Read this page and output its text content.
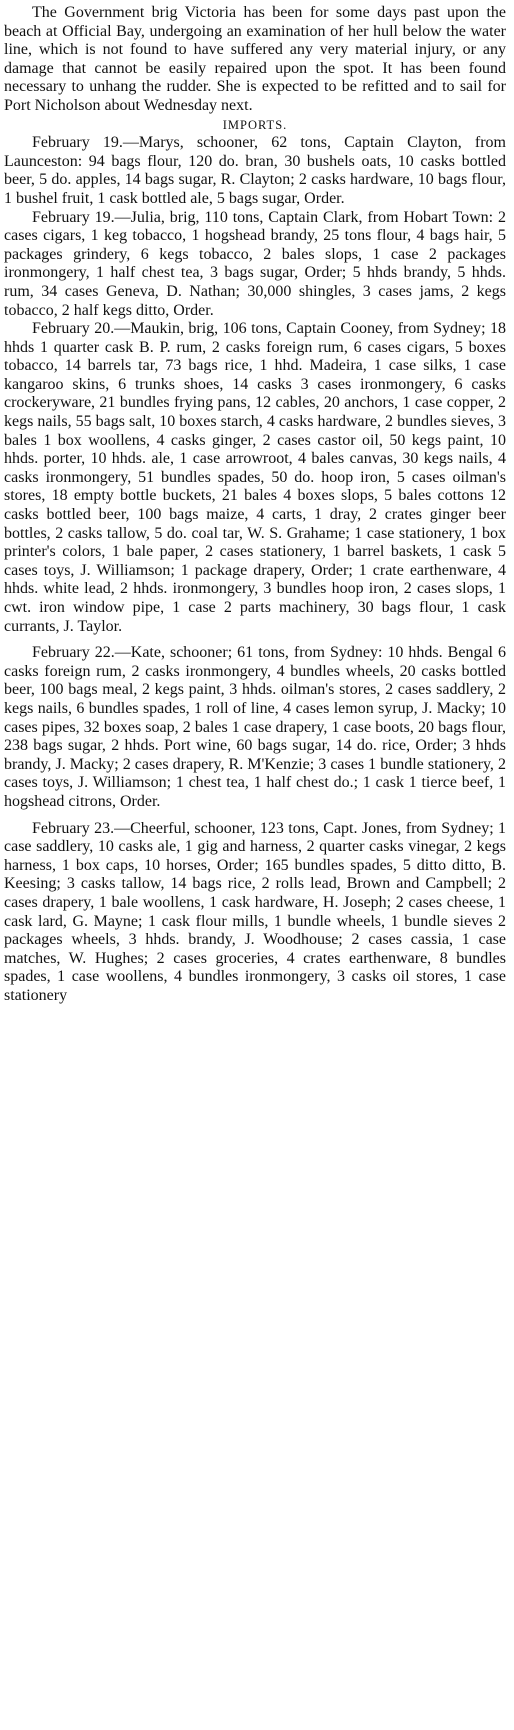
The Government brig Victoria has been for some days past upon the beach at Official Bay, undergoing an examination of her hull below the water line, which is not found to have suffered any very material injury, or any damage that cannot be easily repaired upon the spot. It has been found necessary to unhang the rudder. She is expected to be refitted and to sail for Port Nicholson about Wednesday next.

IMPORTS.

February 19.—Marys, schooner, 62 tons, Captain Clayton, from Launceston: 94 bags flour, 120 do. bran, 30 bushels oats, 10 casks bottled beer, 5 do. apples, 14 bags sugar, R. Clayton; 2 casks hardware, 10 bags flour, 1 bushel fruit, 1 cask bottled ale, 5 bags sugar, Order.

February 19.—Julia, brig, 110 tons, Captain Clark, from Hobart Town: 2 cases cigars, 1 keg tobacco, 1 hogshead brandy, 25 tons flour, 4 bags hair, 5 packages grindery, 6 kegs tobacco, 2 bales slops, 1 case 2 packages ironmongery, 1 half chest tea, 3 bags sugar, Order; 5 hhds brandy, 5 hhds. rum, 34 cases Geneva, D. Nathan; 30,000 shingles, 3 cases jams, 2 kegs tobacco, 2 half kegs ditto, Order.

February 20.—Maukin, brig, 106 tons, Captain Cooney, from Sydney; 18 hhds 1 quarter cask B. P. rum, 2 casks foreign rum, 6 cases cigars, 5 boxes tobacco, 14 barrels tar, 73 bags rice, 1 hhd. Madeira, 1 case silks, 1 case kangaroo skins, 6 trunks shoes, 14 casks 3 cases ironmongery, 6 casks crockeryware, 21 bundles frying pans, 12 cables, 20 anchors, 1 case copper, 2 kegs nails, 55 bags salt, 10 boxes starch, 4 casks hardware, 2 bundles sieves, 3 bales 1 box woollens, 4 casks ginger, 2 cases castor oil, 50 kegs paint, 10 hhds. porter, 10 hhds. ale, 1 case arrowroot, 4 bales canvas, 30 kegs nails, 4 casks ironmongery, 51 bundles spades, 50 do. hoop iron, 5 cases oilman's stores, 18 empty bottle buckets, 21 bales 4 boxes slops, 5 bales cottons 12 casks bottled beer, 100 bags maize, 4 carts, 1 dray, 2 crates ginger beer bottles, 2 casks tallow, 5 do. coal tar, W. S. Grahame; 1 case stationery, 1 box printer's colors, 1 bale paper, 2 cases stationery, 1 barrel baskets, 1 cask 5 cases toys, J. Williamson; 1 package drapery, Order; 1 crate earthenware, 4 hhds. white lead, 2 hhds. ironmongery, 3 bundles hoop iron, 2 cases slops, 1 cwt. iron window pipe, 1 case 2 parts machinery, 30 bags flour, 1 cask currants, J. Taylor.

February 22.—Kate, schooner; 61 tons, from Sydney: 10 hhds. Bengal 6 casks foreign rum, 2 casks ironmongery, 4 bundles wheels, 20 casks bottled beer, 100 bags meal, 2 kegs paint, 3 hhds. oilman's stores, 2 cases saddlery, 2 kegs nails, 6 bundles spades, 1 roll of line, 4 cases lemon syrup, J. Macky; 10 cases pipes, 32 boxes soap, 2 bales 1 case drapery, 1 case boots, 20 bags flour, 238 bags sugar, 2 hhds. Port wine, 60 bags sugar, 14 do. rice, Order; 3 hhds brandy, J. Macky; 2 cases drapery, R. M'Kenzie; 3 cases 1 bundle stationery, 2 cases toys, J. Williamson; 1 chest tea, 1 half chest do.; 1 cask 1 tierce beef, 1 hogshead citrons, Order.

February 23.—Cheerful, schooner, 123 tons, Capt. Jones, from Sydney; 1 case saddlery, 10 casks ale, 1 gig and harness, 2 quarter casks vinegar, 2 kegs harness, 1 box caps, 10 horses, Order; 165 bundles spades, 5 ditto ditto, B. Keesing; 3 casks tallow, 14 bags rice, 2 rolls lead, Brown and Campbell; 2 cases drapery, 1 bale woollens, 1 cask hardware, H. Joseph; 2 cases cheese, 1 cask lard, G. Mayne; 1 cask flour mills, 1 bundle wheels, 1 bundle sieves 2 packages wheels, 3 hhds. brandy, J. Woodhouse; 2 cases cassia, 1 case matches, W. Hughes; 2 cases groceries, 4 crates earthenware, 8 bundles spades, 1 case woollens, 4 bundles ironmongery, 3 casks oil stores, 1 case stationery
